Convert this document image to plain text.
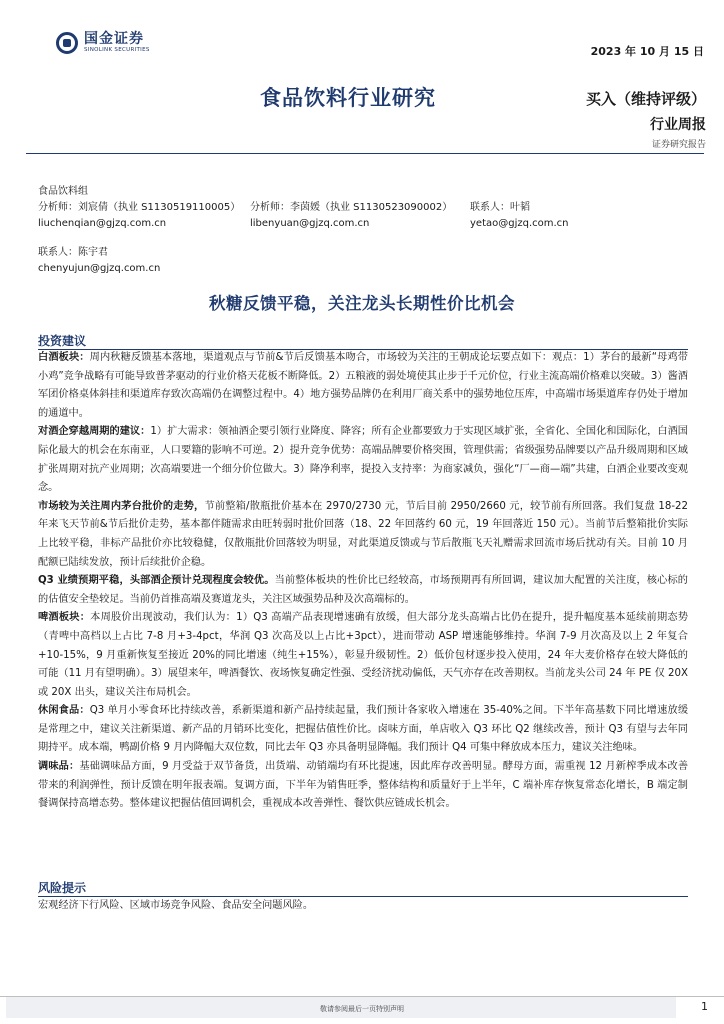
国金证券
SINOLINK SECURITIES	2023 年 10 月 15 日
食品饮料行业研究	买入（维持评级）
行业周报
证券研究报告
食品饮料组
分析师：刘宸倩（执业 S1130519110005） 分析师：李茵媛（执业 S1130523090002）	联系人：叶韬
liuchenqian@gjzq.com.cn	libenyuan@gjzq.com.cn	yetao@gjzq.com.cn
联系人：陈宇君
chenyujun@gjzq.com.cn
秋糖反馈平稳，关注龙头长期性价比机会
投资建议

白酒板块：周内秋糖反馈基本落地，渠道观点与节前&节后反馈基本吻合，市场较为关注的王朝成论坛要点如下：观点：1）茅台的最新“母鸡带小鸡”竞争战略有可能导致普茅驱动的行业价格天花板不断降低。2）五粮液的弱处境使其止步于千元价位，行业主流高端价格难以突破。3）酱酒军团价格桌体斜挂和渠道库存致次高端仍在调整过程中。4）地方强势品牌仍在利用厂商关系中的强势地位压库，中高端市场渠道库存仍处于增加的通道中。

对酒企穿越周期的建议：1）扩大需求：领袖酒企要引领行业降度、降容；所有企业都要致力于实现区域扩张，全省化、全国化和国际化，白酒国际化最大的机会在东南亚，人口要籍的影响不可逆。2）提升竞争优势：高端品牌要价格突围，管理供需；省级强势品牌要以产品升级周期和区域扩张周期对抗产业周期；次高端要进一个细分价位做大。3）降净利率，提投入支持率：为商家减负，强化“厂—商—端”共建，白酒企业要改变观念。

市场较为关注周内茅台批价的走势，节前整箱/散瓶批价基本在 2970/2730 元，节后目前 2950/2660 元，较节前有所回落。我们复盘 18-22 年来飞天节前&节后批价走势，基本都伴随需求由旺转弱时批价回落（18、22 年回落约 60 元，19 年回落近 150 元）。当前节后整箱批价实际上比较平稳，非标产品批价亦比较稳健，仅散瓶批价回落较为明显，对此渠道反馈或与节后散瓶飞天礼赠需求回流市场后扰动有关。目前 10 月配额已陆续发放，预计后续批价企稳。

Q3 业绩预期平稳，头部酒企预计兑现程度会较优。当前整体板块的性价比已经较高，市场预期再有所回调，建议加大配置的关注度，核心标的的估值安全垫较足。当前仍首推高端及赛道龙头，关注区域强势品种及次高端标的。

啤酒板块：本周股价出现波动，我们认为：1）Q3 高端产品表现增速确有放缓，但大部分龙头高端占比仍在提升，提升幅度基本延续前期态势（青啤中高档以上占比 7-8 月+3-4pct，华润 Q3 次高及以上占比+3pct），进而带动 ASP 增速能够维持。华润 7-9 月次高及以上 2 年复合+10-15%，9 月重新恢复至接近 20%的同比增速（纯生+15%），彰显升级韧性。2）低价包材逐步投入使用，24 年大麦价格存在较大降低的可能（11 月有望明确）。3）展望来年，啤酒餐饮、夜场恢复确定性强、受经济扰动偏低，天气亦存在改善期权。当前龙头公司 24 年 PE 仅 20X 或 20X 出头，建议关注布局机会。

休闲食品：Q3 单月小零食环比持续改善，系新渠道和新产品持续起量，我们预计各家收入增速在 35-40%之间。下半年高基数下同比增速放缓是常理之中，建议关注新渠道、新产品的月销环比变化，把握估值性价比。卤味方面，单店收入 Q3 环比 Q2 继续改善，预计 Q3 有望与去年同期持平。成本端，鸭副价格 9 月内降幅大双位数，同比去年 Q3 亦具备明显降幅。我们预计 Q4 可集中释放成本压力，建议关注绝味。

调味品：基础调味品方面，9 月受益于双节备货，出货端、动销端均有环比提速，因此库存改善明显。酵母方面，需重视 12 月新榨季成本改善带来的利润弹性，预计反馈在明年报表端。复调方面，下半年为销售旺季，整体结构和质量好于上半年，C 端补库存恢复常态化增长，B 端定制餐调保持高增态势。整体建议把握估值回调机会，重视成本改善弹性、餐饮供应链成长机会。

风险提示
宏观经济下行风险、区域市场竞争风险、食品安全问题风险。
敬请参阅最后一页特别声明	1
